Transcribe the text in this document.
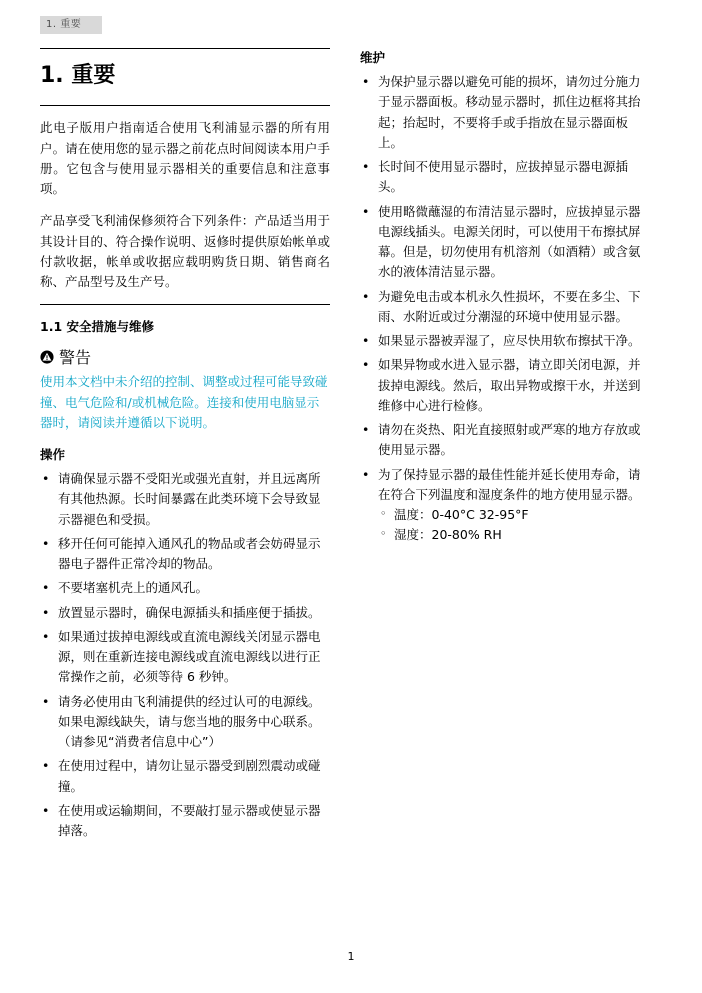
1. 重要
1. 重要

此电子版用户指南适合使用飞利浦显示器的所有用户。请在使用您的显示器之前花点时间阅读本用户手册。它包含与使用显示器相关的重要信息和注意事项。

产品享受飞利浦保修须符合下列条件：产品适当用于其设计目的、符合操作说明、返修时提供原始帐单或付款收据，帐单或收据应载明购货日期、销售商名称、产品型号及生产号。

1.1 安全措施与维修
警告

使用本文档中未介绍的控制、调整或过程可能导致碰撞、电气危险和/或机械危险。连接和使用电脑显示器时，请阅读并遵循以下说明。

操作
• 请确保显示器不受阳光或强光直射，并且远离所有其他热源。长时间暴露在此类环境下会导致显示器褪色和受损。
• 移开任何可能掉入通风孔的物品或者会妨碍显示器电子器件正常冷却的物品。
• 不要堵塞机壳上的通风孔。
• 放置显示器时，确保电源插头和插座便于插拔。
• 如果通过拔掉电源线或直流电源线关闭显示器电源，则在重新连接电源线或直流电源线以进行正常操作之前，必须等待 6 秒钟。
• 请务必使用由飞利浦提供的经过认可的电源线。如果电源线缺失，请与您当地的服务中心联系。（请参见“消费者信息中心”）
• 在使用过程中，请勿让显示器受到剧烈震动或碰撞。
• 在使用或运输期间，不要敲打显示器或使显示器掉落。
维护
• 为保护显示器以避免可能的损坏，请勿过分施力于显示器面板。移动显示器时，抓住边框将其抬起；抬起时，不要将手或手指放在显示器面板上。
• 长时间不使用显示器时，应拔掉显示器电源插头。
• 使用略微蘸湿的布清洁显示器时，应拔掉显示器电源线插头。电源关闭时，可以使用干布擦拭屏幕。但是，切勿使用有机溶剂（如酒精）或含氨水的液体清洁显示器。
• 为避免电击或本机永久性损坏，不要在多尘、下雨、水附近或过分潮湿的环境中使用显示器。
• 如果显示器被弄湿了，应尽快用软布擦拭干净。
• 如果异物或水进入显示器，请立即关闭电源，并拔掉电源线。然后，取出异物或擦干水，并送到维修中心进行检修。
• 请勿在炎热、阳光直接照射或严寒的地方存放或使用显示器。
• 为了保持显示器的最佳性能并延长使用寿命，请在符合下列温度和湿度条件的地方使用显示器。
◦ 温度：0-40°C 32-95°F
◦ 湿度：20-80% RH
1
